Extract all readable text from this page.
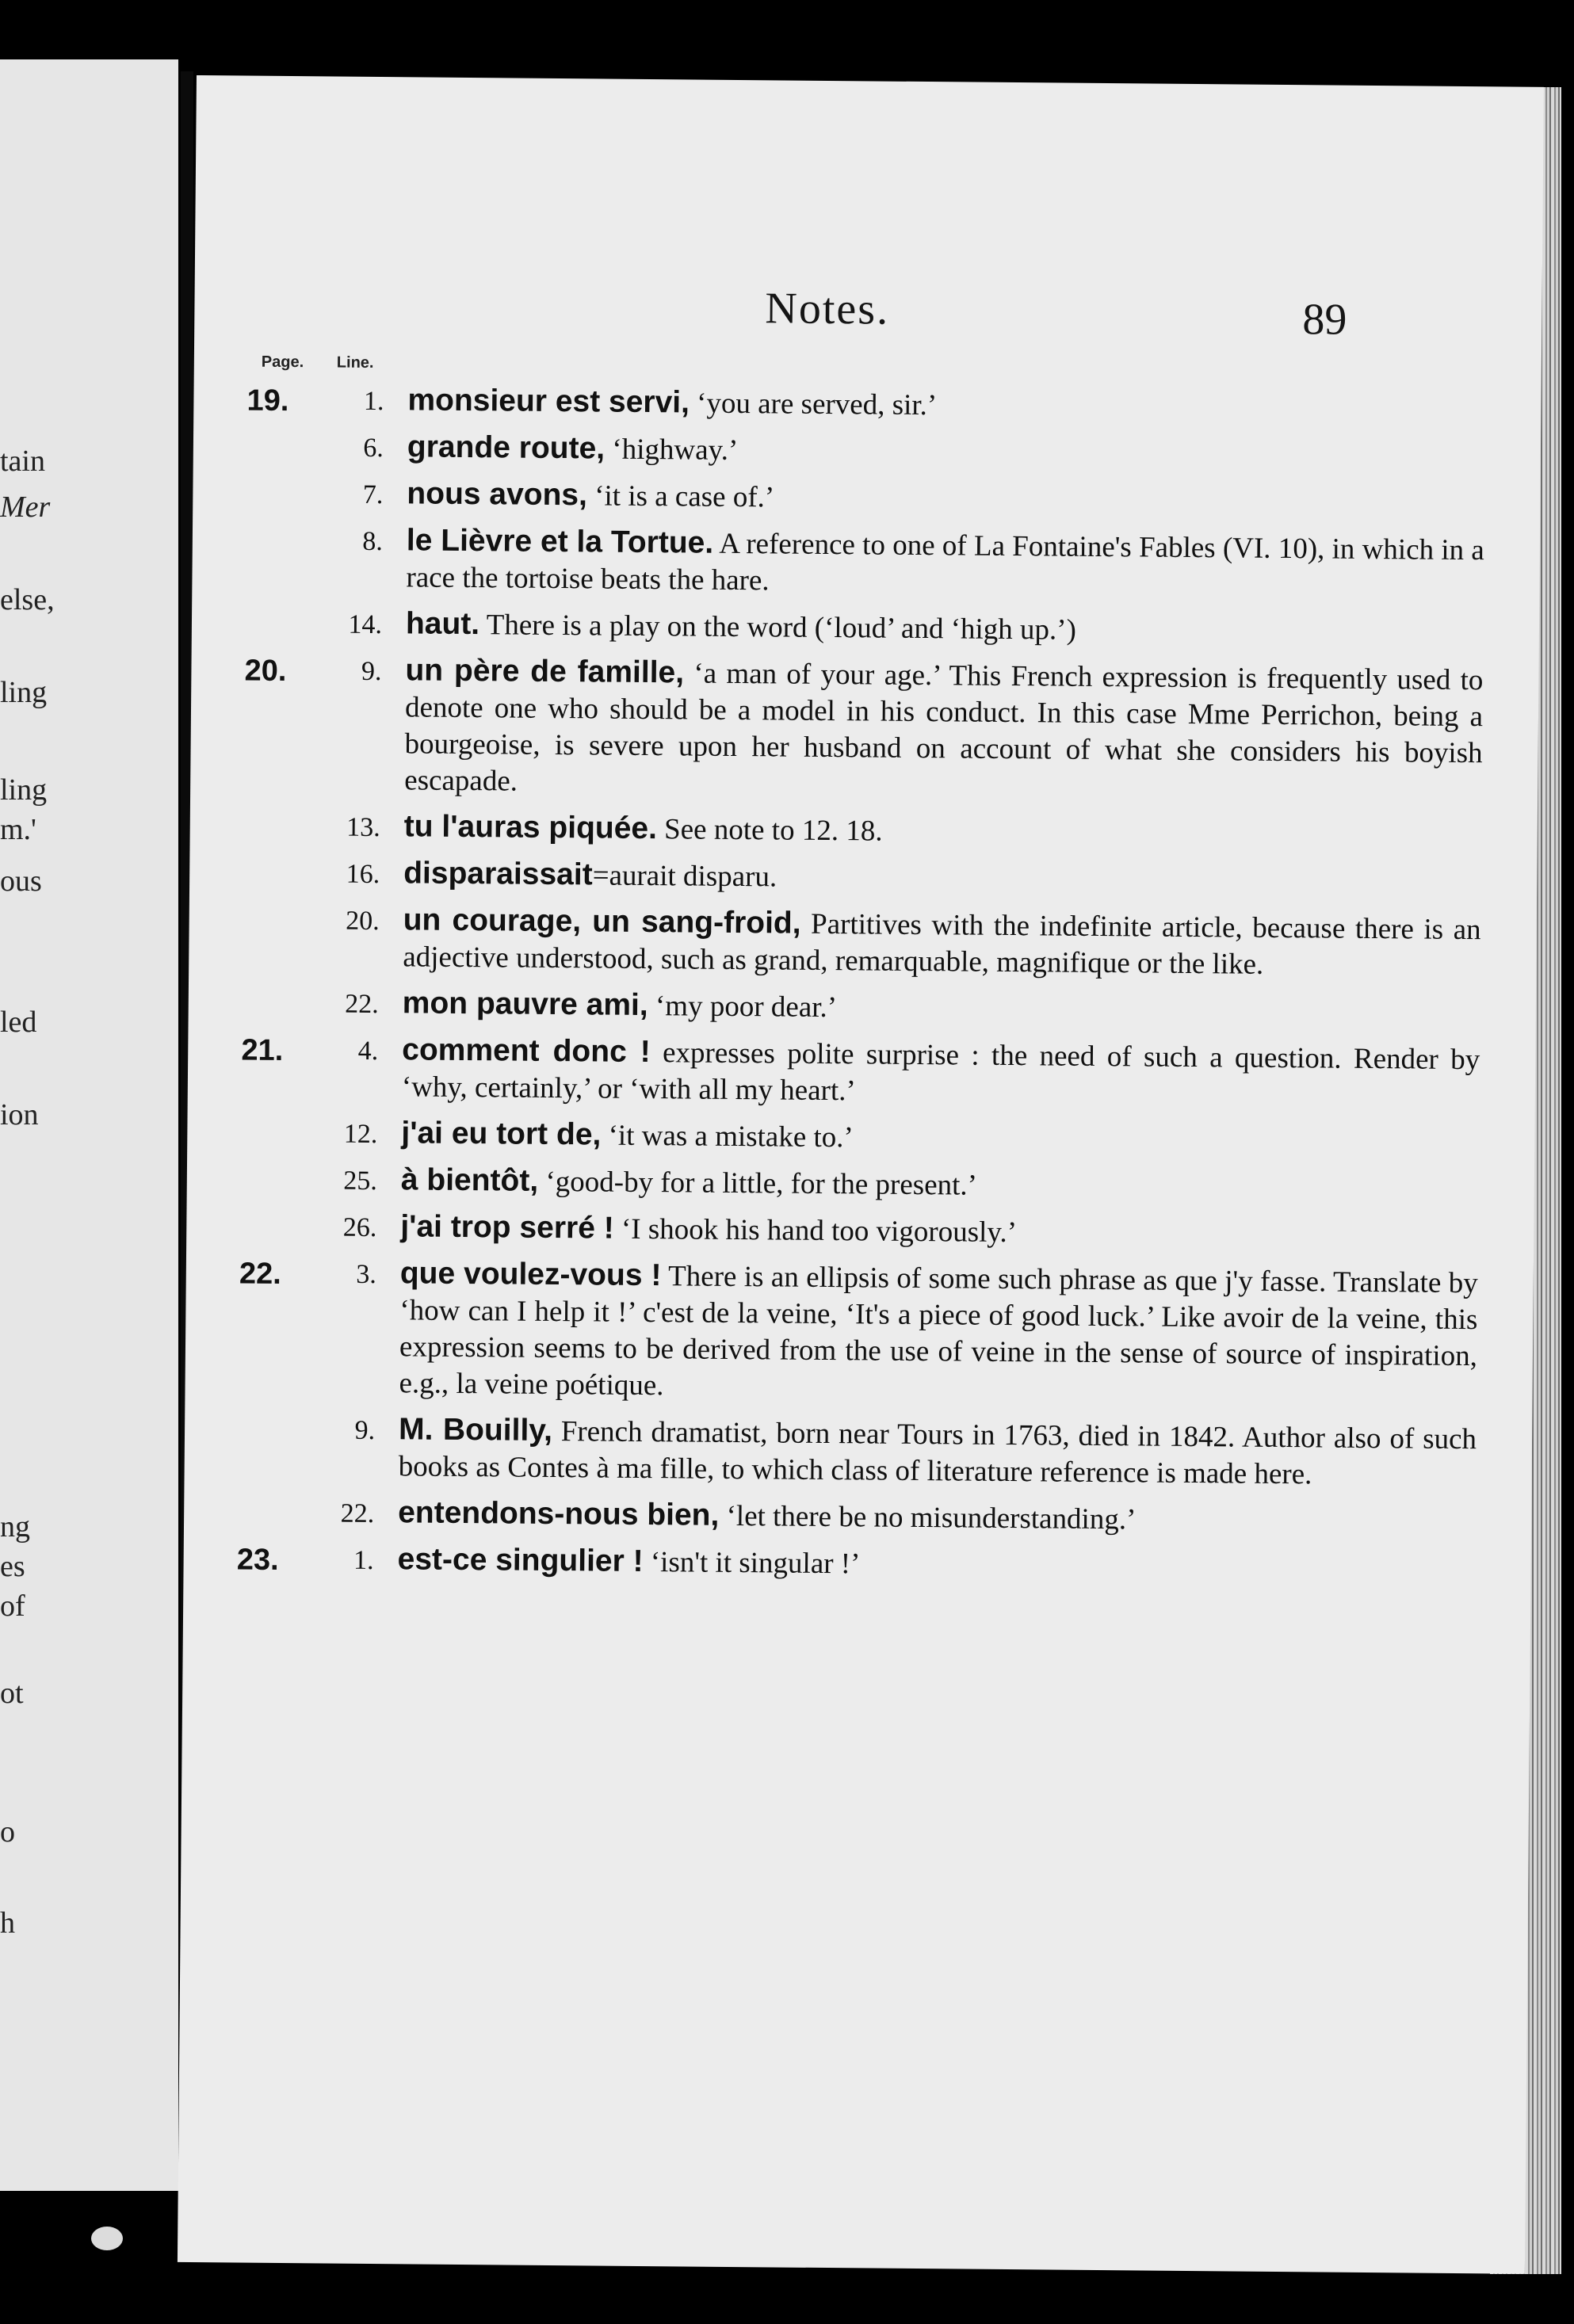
tain
Mer
else,
ling
ling
m.'
ous
led
ion
ng
es
of
ot
o
h
Notes.	89
Page. Line.
19.	1. monsieur est servi, ‘you are served, sir.’
6. grande route, ‘highway.’
7. nous avons, ‘it is a case of.’
8. le Lièvre et la Tortue. A reference to one of La Fontaine's Fables (VI. 10), in which in a race the tortoise beats the hare.
14. haut. There is a play on the word (‘loud’ and ‘high up.’)
20.	9. un père de famille, ‘a man of your age.’ This French expression is frequently used to denote one who should be a model in his conduct. In this case Mme Perrichon, being a bourgeoise, is severe upon her husband on account of what she considers his boyish escapade.
13. tu l'auras piquée. See note to 12. 18.
16. disparaissait=aurait disparu.
20. un courage, un sang-froid, Partitives with the indefinite article, because there is an adjective understood, such as grand, remarquable, magnifique or the like.
22. mon pauvre ami, ‘my poor dear.’
21.	4. comment donc ! expresses polite surprise : the need of such a question. Render by ‘why, certainly,’ or ‘with all my heart.’
12. j'ai eu tort de, ‘it was a mistake to.’
25. à bientôt, ‘good-by for a little, for the present.’
26. j'ai trop serré ! ‘I shook his hand too vigorously.’
22.	3. que voulez-vous ! There is an ellipsis of some such phrase as que j'y fasse. Translate by ‘how can I help it !’ c'est de la veine, ‘It's a piece of good luck.’ Like avoir de la veine, this expression seems to be derived from the use of veine in the sense of source of inspiration, e.g., la veine poétique.
9. M. Bouilly, French dramatist, born near Tours in 1763, died in 1842. Author also of such books as Contes à ma fille, to which class of literature reference is made here.
22. entendons-nous bien, ‘let there be no misunderstanding.’
23.	1. est-ce singulier ! ‘isn't it singular !’
